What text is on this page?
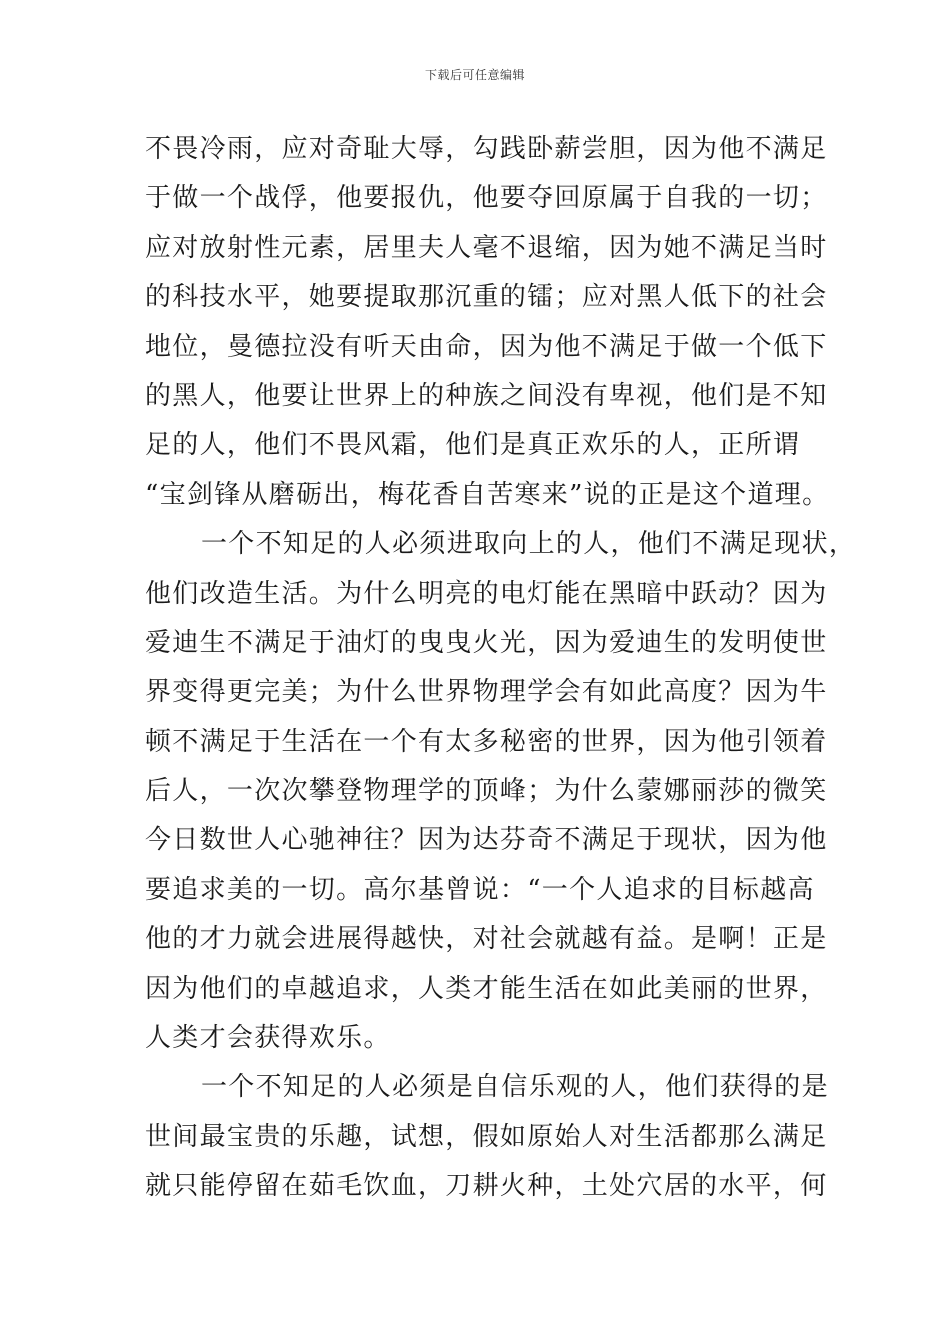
下载后可任意编辑
不畏冷雨，应对奇耻大辱，勾践卧薪尝胆，因为他不满足
于做一个战俘，他要报仇，他要夺回原属于自我的一切；
应对放射性元素，居里夫人毫不退缩，因为她不满足当时
的科技水平，她要提取那沉重的镭；应对黑人低下的社会
地位，曼德拉没有听天由命，因为他不满足于做一个低下
的黑人，他要让世界上的种族之间没有卑视，他们是不知
足的人，他们不畏风霜，他们是真正欢乐的人，正所谓
“宝剑锋从磨砺出，梅花香自苦寒来”说的正是这个道理。
一个不知足的人必须进取向上的人，他们不满足现状，
他们改造生活。为什么明亮的电灯能在黑暗中跃动？因为
爱迪生不满足于油灯的曳曳火光，因为爱迪生的发明使世
界变得更完美；为什么世界物理学会有如此高度？因为牛
顿不满足于生活在一个有太多秘密的世界，因为他引领着
后人，一次次攀登物理学的顶峰；为什么蒙娜丽莎的微笑
今日数世人心驰神往？因为达芬奇不满足于现状，因为他
要追求美的一切。高尔基曾说：“一个人追求的目标越高
他的才力就会进展得越快，对社会就越有益。是啊！正是
因为他们的卓越追求，人类才能生活在如此美丽的世界，
人类才会获得欢乐。
一个不知足的人必须是自信乐观的人，他们获得的是
世间最宝贵的乐趣，试想，假如原始人对生活都那么满足
就只能停留在茹毛饮血，刀耕火种，土处穴居的水平，何
